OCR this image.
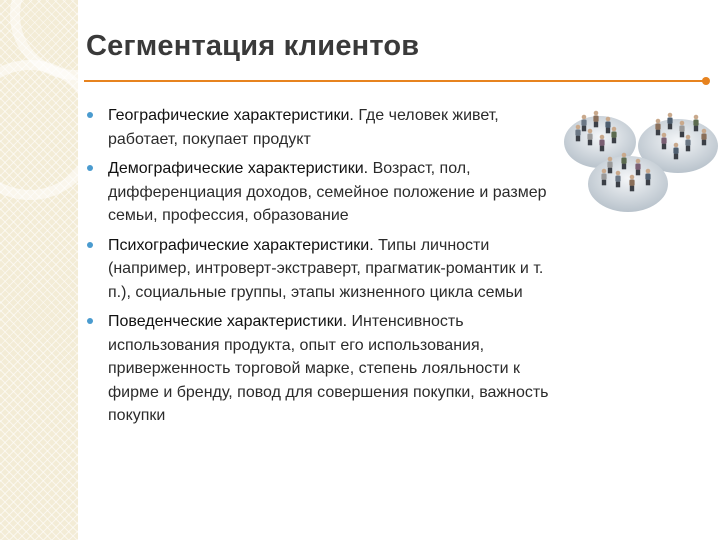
Сегментация клиентов
Географические характеристики. Где человек живет, работает, покупает продукт
Демографические характеристики. Возраст, пол, дифференциация доходов, семейное положение и размер семьи, профессия, образование
Психографические характеристики. Типы личности (например, интроверт-экстраверт, прагматик-романтик и т. п.), социальные группы, этапы жизненного цикла семьи
Поведенческие характеристики. Интенсивность использования продукта, опыт его использования, приверженность торговой марке, степень лояльности к фирме и бренду, повод для совершения покупки, важность покупки
